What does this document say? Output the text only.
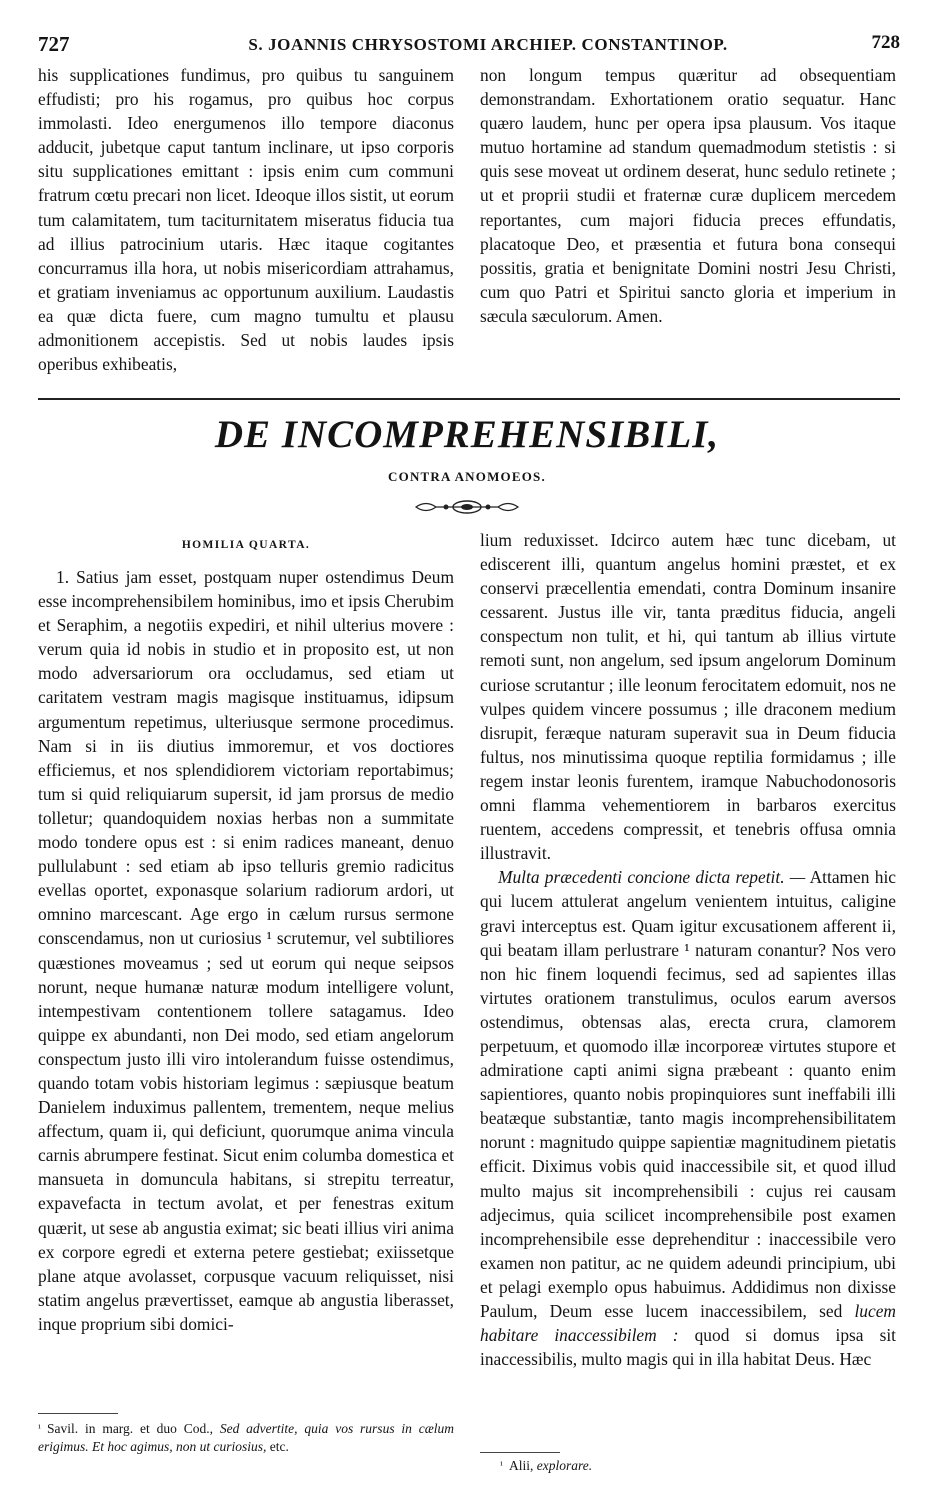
727	S. JOANNIS CHRYSOSTOMI ARCHIEP. CONSTANTINOP.	728

his supplicationes fundimus, pro quibus tu sanguinem effudisti; pro his rogamus, pro quibus hoc corpus immolasti. Ideo energumenos illo tempore diaconus adducit, jubetque caput tantum inclinare, ut ipso corporis situ supplicationes emittant : ipsis enim cum communi fratrum cœtu precari non licet. Ideoque illos sistit, ut eorum tum calamitatem, tum taciturnitatem miseratus fiducia tua ad illius patrocinium utaris. Hæc itaque cogitantes concurramus illa hora, ut nobis misericordiam attrahamus, et gratiam inveniamus ac opportunum auxilium. Laudastis ea quæ dicta fuere, cum magno tumultu et plausu admonitionem accepistis. Sed ut nobis laudes ipsis operibus exhibeatis,

non longum tempus quæritur ad obsequentiam demonstrandam. Exhortationem oratio sequatur. Hanc quæro laudem, hunc per opera ipsa plausum. Vos itaque mutuo hortamine ad standum quemadmodum stetistis : si quis sese moveat ut ordinem deserat, hunc sedulo retinete ; ut et proprii studii et fraternæ curæ duplicem mercedem reportantes, cum majori fiducia preces effundatis, placatoque Deo, et præsentia et futura bona consequi possitis, gratia et benignitate Domini nostri Jesu Christi, cum quo Patri et Spiritui sancto gloria et imperium in sæcula sæculorum. Amen.

DE INCOMPREHENSIBILI,
CONTRA ANOMOEOS.
HOMILIA QUARTA.

1. Satius jam esset, postquam nuper ostendimus Deum esse incomprehensibilem hominibus, imo et ipsis Cherubim et Seraphim, a negotiis expediri, et nihil ulterius movere : verum quia id nobis in studio et in proposito est, ut non modo adversariorum ora occludamus, sed etiam ut caritatem vestram magis magisque instituamus, idipsum argumentum repetimus, ulteriusque sermone procedimus. Nam si in iis diutius immoremur, et vos doctiores efficiemus, et nos splendidiorem victoriam reportabimus; tum si quid reliquiarum supersit, id jam prorsus de medio tolletur; quandoquidem noxias herbas non a summitate modo tondere opus est : si enim radices maneant, denuo pullulabunt : sed etiam ab ipso telluris gremio radicitus evellas oportet, exponasque solarium radiorum ardori, ut omnino marcescant. Age ergo in cælum rursus sermone conscendamus, non ut curiosius ¹ scrutemur, vel subtiliores quæstiones moveamus ; sed ut eorum qui neque seipsos norunt, neque humanæ naturæ modum intelligere volunt, intempestivam contentionem tollere satagamus. Ideo quippe ex abundanti, non Dei modo, sed etiam angelorum conspectum justo illi viro intolerandum fuisse ostendimus, quando totam vobis historiam legimus : sæpiusque beatum Danielem induximus pallentem, trementem, neque melius affectum, quam ii, qui deficiunt, quorumque anima vincula carnis abrumpere festinat. Sicut enim columba domestica et mansueta in domuncula habitans, si strepitu terreatur, expavefacta in tectum avolat, et per fenestras exitum quærit, ut sese ab angustia eximat; sic beati illius viri anima ex corpore egredi et externa petere gestiebat; exiissetque plane atque avolasset, corpusque vacuum reliquisset, nisi statim angelus prævertisset, eamque ab angustia liberasset, inque proprium sibi domici-

lium reduxisset. Idcirco autem hæc tunc dicebam, ut ediscerent illi, quantum angelus homini præstet, et ex conservi præcellentia emendati, contra Dominum insanire cessarent. Justus ille vir, tanta præditus fiducia, angeli conspectum non tulit, et hi, qui tantum ab illius virtute remoti sunt, non angelum, sed ipsum angelorum Dominum curiose scrutantur ; ille leonum ferocitatem edomuit, nos ne vulpes quidem vincere possumus ; ille draconem medium disrupit, feræque naturam superavit sua in Deum fiducia fultus, nos minutissima quoque reptilia formidamus ; ille regem instar leonis furentem, iramque Nabuchodonosoris omni flamma vehementiorem in barbaros exercitus ruentem, accedens compressit, et tenebris offusa omnia illustravit.

Multa præcedenti concione dicta repetit. — Attamen hic qui lucem attulerat angelum venientem intuitus, caligine gravi interceptus est. Quam igitur excusationem afferent ii, qui beatam illam perlustrare ¹ naturam conantur? Nos vero non hic finem loquendi fecimus, sed ad sapientes illas virtutes orationem transtulimus, oculos earum aversos ostendimus, obtensas alas, erecta crura, clamorem perpetuum, et quomodo illæ incorporeæ virtutes stupore et admiratione capti animi signa præbeant : quanto enim sapientiores, quanto nobis propinquiores sunt ineffabili illi beatæque substantiæ, tanto magis incomprehensibilitatem norunt : magnitudo quippe sapientiæ magnitudinem pietatis efficit. Diximus vobis quid inaccessibile sit, et quod illud multo majus sit incomprehensibili : cujus rei causam adjecimus, quia scilicet incomprehensibile post examen incomprehensibile esse deprehenditur : inaccessibile vero examen non patitur, ac ne quidem adeundi principium, ubi et pelagi exemplo opus habuimus. Addidimus non dixisse Paulum, Deum esse lucem inaccessibilem, sed lucem habitare inaccessibilem : quod si domus ipsa sit inaccessibilis, multo magis qui in illa habitat Deus. Hæc

$^{^1}$ Savil. in marg. et duo Cod., Sed advertite, quia vos rursus in cælum erigimus. Et hoc agimus, non ut curiosius, etc.
$^{^1}$ Alii, explorare.
